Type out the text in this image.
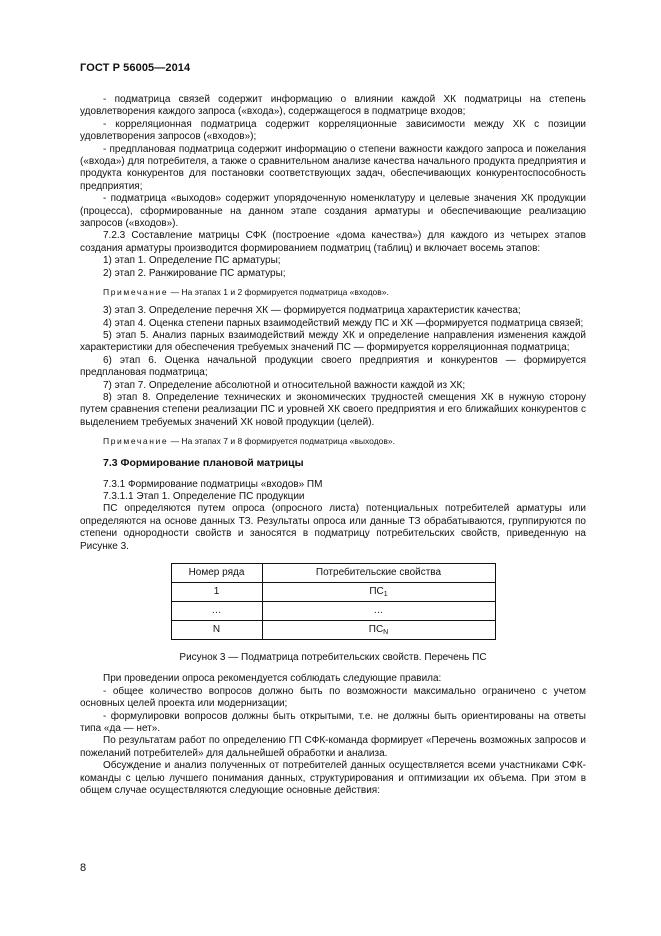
ГОСТ Р 56005—2014

- подматрица связей содержит информацию о влиянии каждой ХК подматрицы на степень удовлетворения каждого запроса («входа»), содержащегося в подматрице входов;

- корреляционная подматрица содержит корреляционные зависимости между ХК с позиции удовлетворения запросов («входов»);

- предплановая подматрица содержит информацию о степени важности каждого запроса и пожелания («входа») для потребителя, а также о сравнительном анализе качества начального продукта предприятия и продукта конкурентов для постановки соответствующих задач, обеспечивающих конкурентоспособность предприятия;

- подматрица «выходов» содержит упорядоченную номенклатуру и целевые значения ХК продукции (процесса), сформированные на данном этапе создания арматуры и обеспечивающие реализацию запросов («входов»).

7.2.3 Составление матрицы СФК (построение «дома качества») для каждого из четырех этапов создания арматуры производится формированием подматриц (таблиц) и включает восемь этапов:

1) этап 1. Определение ПС арматуры;

2) этап 2. Ранжирование ПС арматуры;

Примечание — На этапах 1 и 2 формируется подматрица «входов».

3) этап 3. Определение перечня ХК — формируется подматрица характеристик качества;

4) этап 4. Оценка степени парных взаимодействий между ПС и ХК —формируется подматрица связей;

5) этап 5. Анализ парных взаимодействий между ХК и определение направления изменения каждой характеристики для обеспечения требуемых значений ПС — формируется корреляционная подматрица;

6) этап 6. Оценка начальной продукции своего предприятия и конкурентов — формируется предплановая подматрица;

7) этап 7. Определение абсолютной и относительной важности каждой из ХК;

8) этап 8. Определение технических и экономических трудностей смещения ХК в нужную сторону путем сравнения степени реализации ПС и уровней ХК своего предприятия и его ближайших конкурентов с выделением требуемых значений ХК новой продукции (целей).

Примечание — На этапах 7 и 8 формируется подматрица «выходов».

7.3 Формирование плановой матрицы

7.3.1 Формирование подматрицы «входов» ПМ

7.3.1.1 Этап 1. Определение ПС продукции

ПС определяются путем опроса (опросного листа) потенциальных потребителей арматуры или определяются на основе данных ТЗ. Результаты опроса или данные ТЗ обрабатываются, группируются по степени однородности свойств и заносятся в подматрицу потребительских свойств, приведенную на Рисунке 3.

Номер ряда	Потребительские свойства
1	$ПС_1$
…	…
N	$ПС_N$

Рисунок 3 — Подматрица потребительских свойств. Перечень ПС

При проведении опроса рекомендуется соблюдать следующие правила:

- общее количество вопросов должно быть по возможности максимально ограничено с учетом основных целей проекта или модернизации;

- формулировки вопросов должны быть открытыми, т.е. не должны быть ориентированы на ответы типа «да — нет».

По результатам работ по определению ГП СФК-команда формирует «Перечень возможных запросов и пожеланий потребителей» для дальнейшей обработки и анализа.

Обсуждение и анализ полученных от потребителей данных осуществляется всеми участниками СФК-команды с целью лучшего понимания данных, структурирования и оптимизации их объема. При этом в общем случае осуществляются следующие основные действия:

8
